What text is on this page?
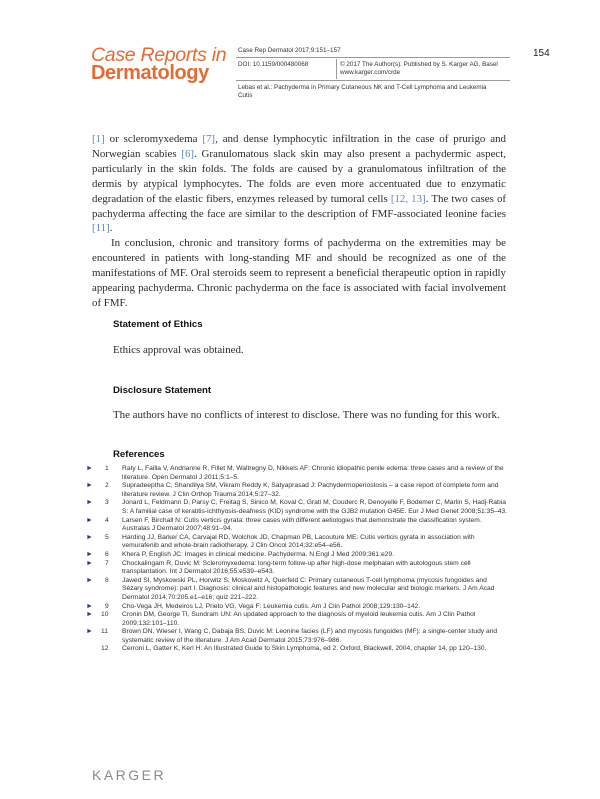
Case Reports in
Dermatology
Case Rep Dermatol 2017;9:151–157	154
DOI: 10.1159/000480068	© 2017 The Author(s). Published by S. Karger AG, Basel
www.karger.com/crde
Lebas et al.: Pachyderma in Primary Cutaneous NK and T-Cell Lymphoma and Leukemia
Cutis

[1] or scleromyxedema [7], and dense lymphocytic infiltration in the case of prurigo and Norwegian scabies [6]. Granulomatous slack skin may also present a pachydermic aspect, particularly in the skin folds. The folds are caused by a granulomatous infiltration of the dermis by atypical lymphocytes. The folds are even more accentuated due to enzymatic degradation of the elastic fibers, enzymes released by tumoral cells [12, 13]. The two cases of pachyderma affecting the face are similar to the description of FMF-associated leonine facies [11].

In conclusion, chronic and transitory forms of pachyderma on the extremities may be encountered in patients with long-standing MF and should be recognized as one of the manifestations of MF. Oral steroids seem to represent a beneficial therapeutic option in rapidly appearing pachyderma. Chronic pachyderma on the face is associated with facial involvement of FMF.

Statement of Ethics
Ethics approval was obtained.
Disclosure Statement
The authors have no conflicts of interest to disclose. There was no funding for this work.
References
► 1	Raty L, Failla V, Andrianne R, Fillet M, Waltregny D, Nikkels AF: Chronic idiopathic penile edema: three cases and a review of the literature. Open Dermatol J 2011;5:1–5.
► 2	Supradeeptha C, Shandilya SM, Vikram Reddy K, Satyaprasad J: Pachydermoperiostosis – a case report of complete form and literature review. J Clin Orthop Trauma 2014;5:27–32.
► 3	Jonard L, Feldmann D, Parsy C, Freitag S, Sinico M, Koval C, Grati M, Couderc R, Denoyelle F, Bodemer C, Marlin S, Hadj-Rabia S: A familial case of keratitis-ichthyosis-deafness (KID) syndrome with the GJB2 mutation G45E. Eur J Med Genet 2008;51:35–43.
► 4	Larsen F, Birchall N: Cutis verticis gyrata: three cases with different aetiologies that demonstrate the classification system. Australas J Dermatol 2007;48:91–94.
► 5	Harding JJ, Barker CA, Carvajal RD, Wolchok JD, Chapman PB, Lacouture ME: Cutis verticis gyrata in association with vemurafenib and whole-brain radiotherapy. J Clin Oncol 2014;32:e54–e56.
► 6	Khera P, English JC: Images in clinical medicine. Pachyderma. N Engl J Med 2009;361:e29.
► 7	Chockalingam R, Duvic M: Scleromyxedema: long-term follow-up after high-dose melphalan with autologous stem cell transplantation. Int J Dermatol 2016;55:e539–e543.
► 8	Jawed SI, Myskowski PL, Horwitz S, Moskowitz A, Querfeld C: Primary cutaneous T-cell lymphoma (mycosis fungoides and Sézary syndrome): part I. Diagnosis: clinical and histopathologic features and new molecular and biologic markers. J Am Acad Dermatol 2014;70:205.e1–e16; quiz 221–222.
► 9	Cho-Vega JH, Medeiros LJ, Prieto VG, Vega F: Leukemia cutis. Am J Clin Pathol 2008;129:130–142.
► 10	Cronin DM, George TI, Sundram UN: An updated approach to the diagnosis of myeloid leukemia cutis. Am J Clin Pathol 2009;132:101–110.
► 11	Brown DN, Wieser I, Wang C, Dabaja BS, Duvic M: Leonine facies (LF) and mycosis fungoides (MF): a single-center study and systematic review of the literature. J Am Acad Dermatol 2015;73:976–986.
12	Cerroni L, Gatter K, Kerl H: An Illustrated Guide to Skin Lymphoma, ed 2. Oxford, Blackwell, 2004, chapter 14, pp 120–130.
KARGER
